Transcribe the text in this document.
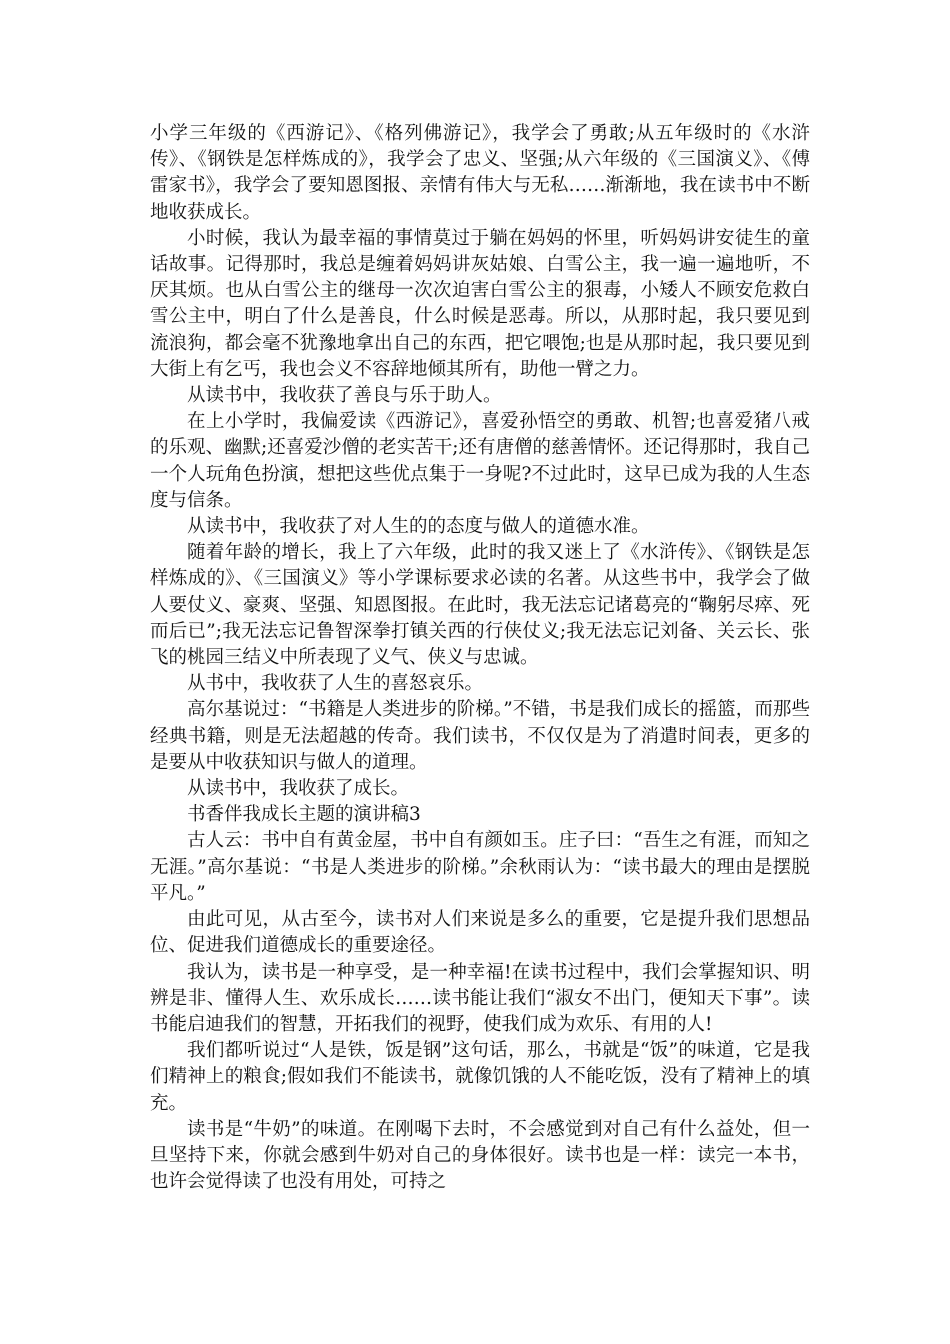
小学三年级的《西游记》、《格列佛游记》，我学会了勇敢;从五年级时的《水浒传》、《钢铁是怎样炼成的》，我学会了忠义、坚强;从六年级的《三国演义》、《傅雷家书》，我学会了要知恩图报、亲情有伟大与无私……渐渐地，我在读书中不断地收获成长。

小时候，我认为最幸福的事情莫过于躺在妈妈的怀里，听妈妈讲安徒生的童话故事。记得那时，我总是缠着妈妈讲灰姑娘、白雪公主，我一遍一遍地听，不厌其烦。也从白雪公主的继母一次次迫害白雪公主的狠毒，小矮人不顾安危救白雪公主中，明白了什么是善良，什么时候是恶毒。所以，从那时起，我只要见到流浪狗，都会毫不犹豫地拿出自己的东西，把它喂饱;也是从那时起，我只要见到大街上有乞丐，我也会义不容辞地倾其所有，助他一臂之力。

从读书中，我收获了善良与乐于助人。

在上小学时，我偏爱读《西游记》，喜爱孙悟空的勇敢、机智;也喜爱猪八戒的乐观、幽默;还喜爱沙僧的老实苦干;还有唐僧的慈善情怀。还记得那时，我自己一个人玩角色扮演，想把这些优点集于一身呢?不过此时，这早已成为我的人生态度与信条。

从读书中，我收获了对人生的的态度与做人的道德水准。

随着年龄的增长，我上了六年级，此时的我又迷上了《水浒传》、《钢铁是怎样炼成的》、《三国演义》等小学课标要求必读的名著。从这些书中，我学会了做人要仗义、豪爽、坚强、知恩图报。在此时，我无法忘记诸葛亮的“鞠躬尽瘁、死而后已”;我无法忘记鲁智深拳打镇关西的行侠仗义;我无法忘记刘备、关云长、张飞的桃园三结义中所表现了义气、侠义与忠诚。

从书中，我收获了人生的喜怒哀乐。

高尔基说过：“书籍是人类进步的阶梯。”不错，书是我们成长的摇篮，而那些经典书籍，则是无法超越的传奇。我们读书，不仅仅是为了消遣时间表，更多的是要从中收获知识与做人的道理。

从读书中，我收获了成长。

书香伴我成长主题的演讲稿3

古人云：书中自有黄金屋，书中自有颜如玉。庄子曰：“吾生之有涯，而知之无涯。”高尔基说：“书是人类进步的阶梯。”余秋雨认为：“读书最大的理由是摆脱平凡。”

由此可见，从古至今，读书对人们来说是多么的重要，它是提升我们思想品位、促进我们道德成长的重要途径。

我认为，读书是一种享受，是一种幸福!在读书过程中，我们会掌握知识、明辨是非、懂得人生、欢乐成长……读书能让我们“淑女不出门，便知天下事”。读书能启迪我们的智慧，开拓我们的视野，使我们成为欢乐、有用的人!

我们都听说过“人是铁，饭是钢”这句话，那么，书就是“饭”的味道，它是我们精神上的粮食;假如我们不能读书，就像饥饿的人不能吃饭，没有了精神上的填充。

读书是“牛奶”的味道。在刚喝下去时，不会感觉到对自己有什么益处，但一旦坚持下来，你就会感到牛奶对自己的身体很好。读书也是一样：读完一本书，也许会觉得读了也没有用处，可持之
